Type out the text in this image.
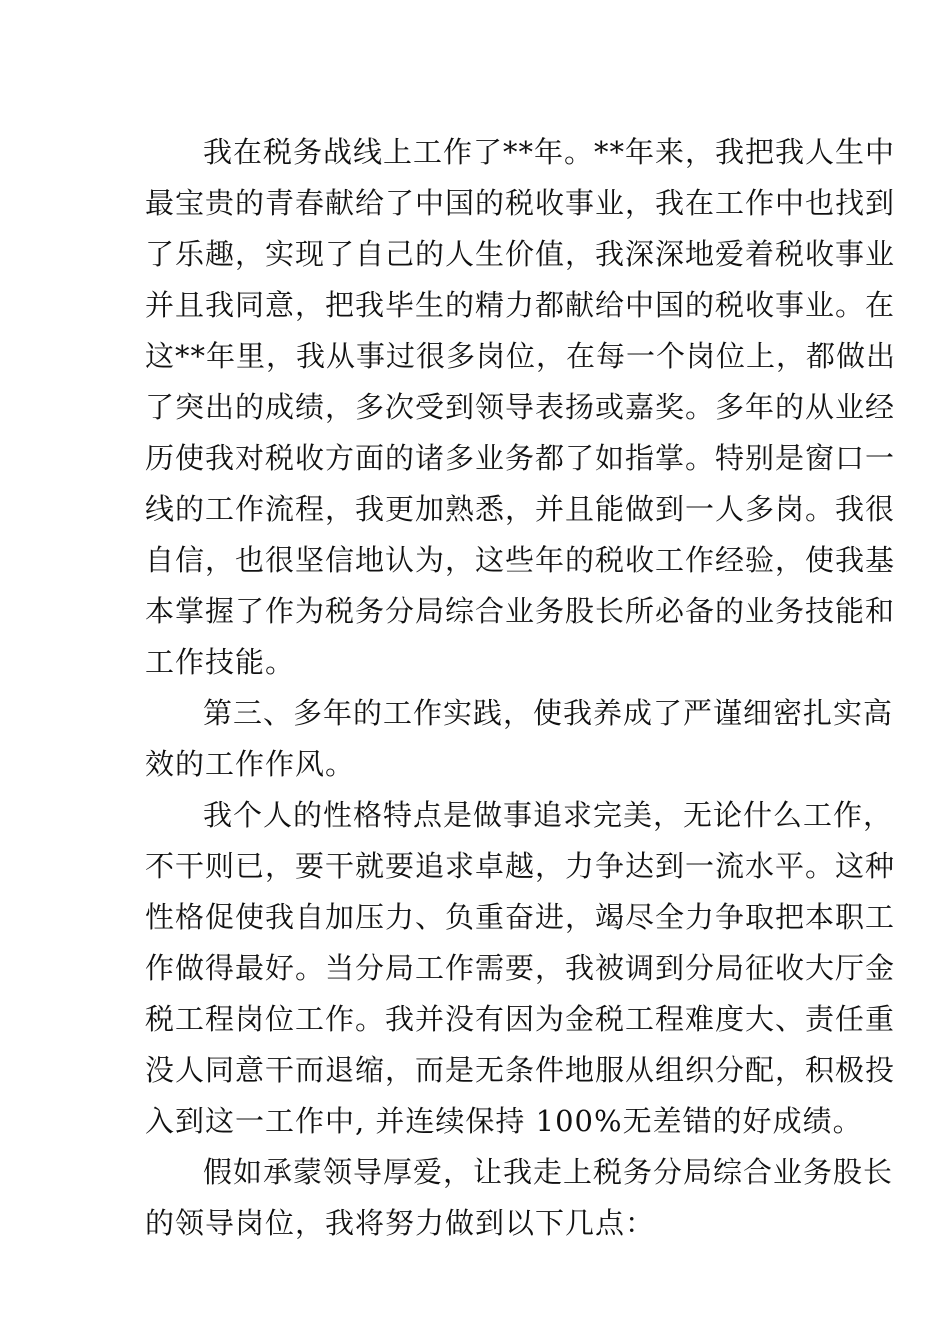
我在税务战线上工作了**年。**年来，我把我人生中
最宝贵的青春献给了中国的税收事业，我在工作中也找到
了乐趣，实现了自己的人生价值，我深深地爱着税收事业
并且我同意，把我毕生的精力都献给中国的税收事业。在
这**年里，我从事过很多岗位，在每一个岗位上，都做出
了突出的成绩，多次受到领导表扬或嘉奖。多年的从业经
历使我对税收方面的诸多业务都了如指掌。特别是窗口一
线的工作流程，我更加熟悉，并且能做到一人多岗。我很
自信，也很坚信地认为，这些年的税收工作经验，使我基
本掌握了作为税务分局综合业务股长所必备的业务技能和
工作技能。

第三、多年的工作实践，使我养成了严谨细密扎实高
效的工作作风。

我个人的性格特点是做事追求完美，无论什么工作，
不干则已，要干就要追求卓越，力争达到一流水平。这种
性格促使我自加压力、负重奋进，竭尽全力争取把本职工
作做得最好。当分局工作需要，我被调到分局征收大厅金
税工程岗位工作。我并没有因为金税工程难度大、责任重
没人同意干而退缩，而是无条件地服从组织分配，积极投
入到这一工作中, 并连续保持 100%无差错的好成绩。

假如承蒙领导厚爱，让我走上税务分局综合业务股长
的领导岗位，我将努力做到以下几点：
